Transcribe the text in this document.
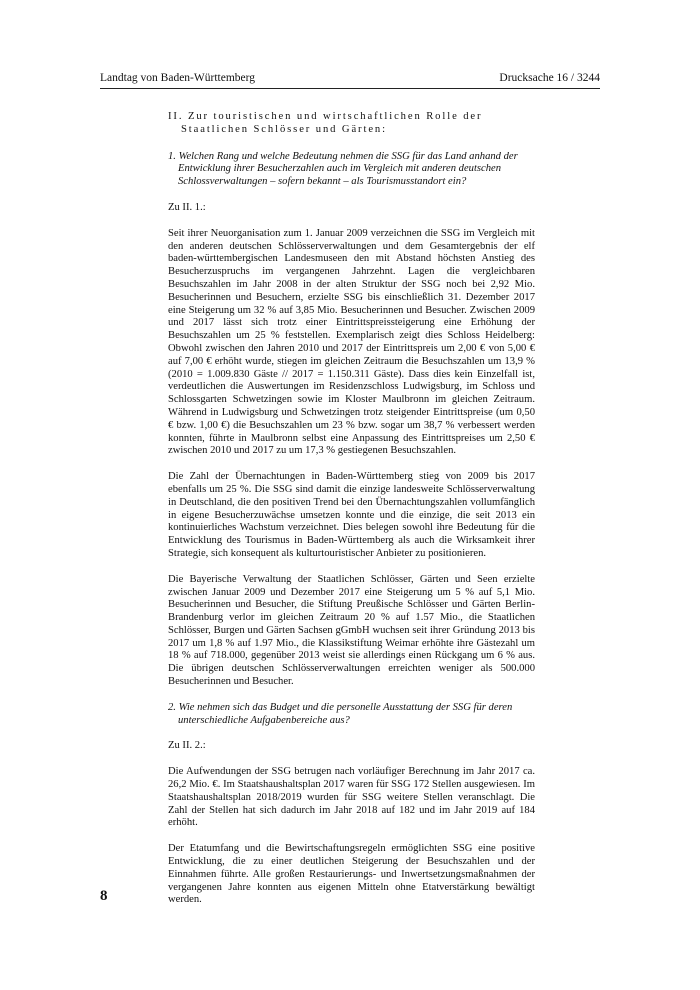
Landtag von Baden-Württemberg	Drucksache 16 / 3244
II. Zur touristischen und wirtschaftlichen Rolle der Staatlichen Schlösser und Gärten:
1. Welchen Rang und welche Bedeutung nehmen die SSG für das Land anhand der Entwicklung ihrer Besucherzahlen auch im Vergleich mit anderen deutschen Schlossverwaltungen – sofern bekannt – als Tourismusstandort ein?
Zu II. 1.:

Seit ihrer Neuorganisation zum 1. Januar 2009 verzeichnen die SSG im Vergleich mit den anderen deutschen Schlösserverwaltungen und dem Gesamtergebnis der elf baden-württembergischen Landesmuseen den mit Abstand höchsten Anstieg des Besucherzuspruchs im vergangenen Jahrzehnt. Lagen die vergleichbaren Besuchszahlen im Jahr 2008 in der alten Struktur der SSG noch bei 2,92 Mio. Besucherinnen und Besuchern, erzielte SSG bis einschließlich 31. Dezember 2017 eine Steigerung um 32 % auf 3,85 Mio. Besucherinnen und Besucher. Zwischen 2009 und 2017 lässt sich trotz einer Eintrittspreissteigerung eine Erhöhung der Besuchszahlen um 25 % feststellen. Exemplarisch zeigt dies Schloss Heidelberg: Obwohl zwischen den Jahren 2010 und 2017 der Eintrittspreis um 2,00 € von 5,00 € auf 7,00 € erhöht wurde, stiegen im gleichen Zeitraum die Besuchszahlen um 13,9 % (2010 = 1.009.830 Gäste // 2017 = 1.150.311 Gäste). Dass dies kein Einzelfall ist, verdeutlichen die Auswertungen im Residenzschloss Ludwigsburg, im Schloss und Schlossgarten Schwetzingen sowie im Kloster Maulbronn im gleichen Zeitraum. Während in Ludwigsburg und Schwetzingen trotz steigender Eintrittspreise (um 0,50 € bzw. 1,00 €) die Besuchszahlen um 23 % bzw. sogar um 38,7 % verbessert werden konnten, führte in Maulbronn selbst eine Anpassung des Eintrittspreises um 2,50 € zwischen 2010 und 2017 zu um 17,3 % gestiegenen Besuchszahlen.

Die Zahl der Übernachtungen in Baden-Württemberg stieg von 2009 bis 2017 ebenfalls um 25 %. Die SSG sind damit die einzige landesweite Schlösserverwaltung in Deutschland, die den positiven Trend bei den Übernachtungszahlen vollumfänglich in eigene Besucherzuwächse umsetzen konnte und die einzige, die seit 2013 ein kontinuierliches Wachstum verzeichnet. Dies belegen sowohl ihre Bedeutung für die Entwicklung des Tourismus in Baden-Württemberg als auch die Wirksamkeit ihrer Strategie, sich konsequent als kulturtouristischer Anbieter zu positionieren.

Die Bayerische Verwaltung der Staatlichen Schlösser, Gärten und Seen erzielte zwischen Januar 2009 und Dezember 2017 eine Steigerung um 5 % auf 5,1 Mio. Besucherinnen und Besucher, die Stiftung Preußische Schlösser und Gärten Berlin-Brandenburg verlor im gleichen Zeitraum 20 % auf 1.57 Mio., die Staatlichen Schlösser, Burgen und Gärten Sachsen gGmbH wuchsen seit ihrer Gründung 2013 bis 2017 um 1,8 % auf 1.97 Mio., die Klassikstiftung Weimar erhöhte ihre Gästezahl um 18 % auf 718.000, gegenüber 2013 weist sie allerdings einen Rückgang um 6 % aus. Die übrigen deutschen Schlösserverwaltungen erreichten weniger als 500.000 Besucherinnen und Besucher.

2. Wie nehmen sich das Budget und die personelle Ausstattung der SSG für deren unterschiedliche Aufgabenbereiche aus?
Zu II. 2.:

Die Aufwendungen der SSG betrugen nach vorläufiger Berechnung im Jahr 2017 ca. 26,2 Mio. €. Im Staatshaushaltsplan 2017 waren für SSG 172 Stellen ausgewiesen. Im Staatshaushaltsplan 2018/2019 wurden für SSG weitere Stellen veranschlagt. Die Zahl der Stellen hat sich dadurch im Jahr 2018 auf 182 und im Jahr 2019 auf 184 erhöht.

Der Etatumfang und die Bewirtschaftungsregeln ermöglichten SSG eine positive Entwicklung, die zu einer deutlichen Steigerung der Besuchszahlen und der Einnahmen führte. Alle großen Restaurierungs- und Inwertsetzungsmaßnahmen der vergangenen Jahre konnten aus eigenen Mitteln ohne Etatverstärkung bewältigt werden.

8
